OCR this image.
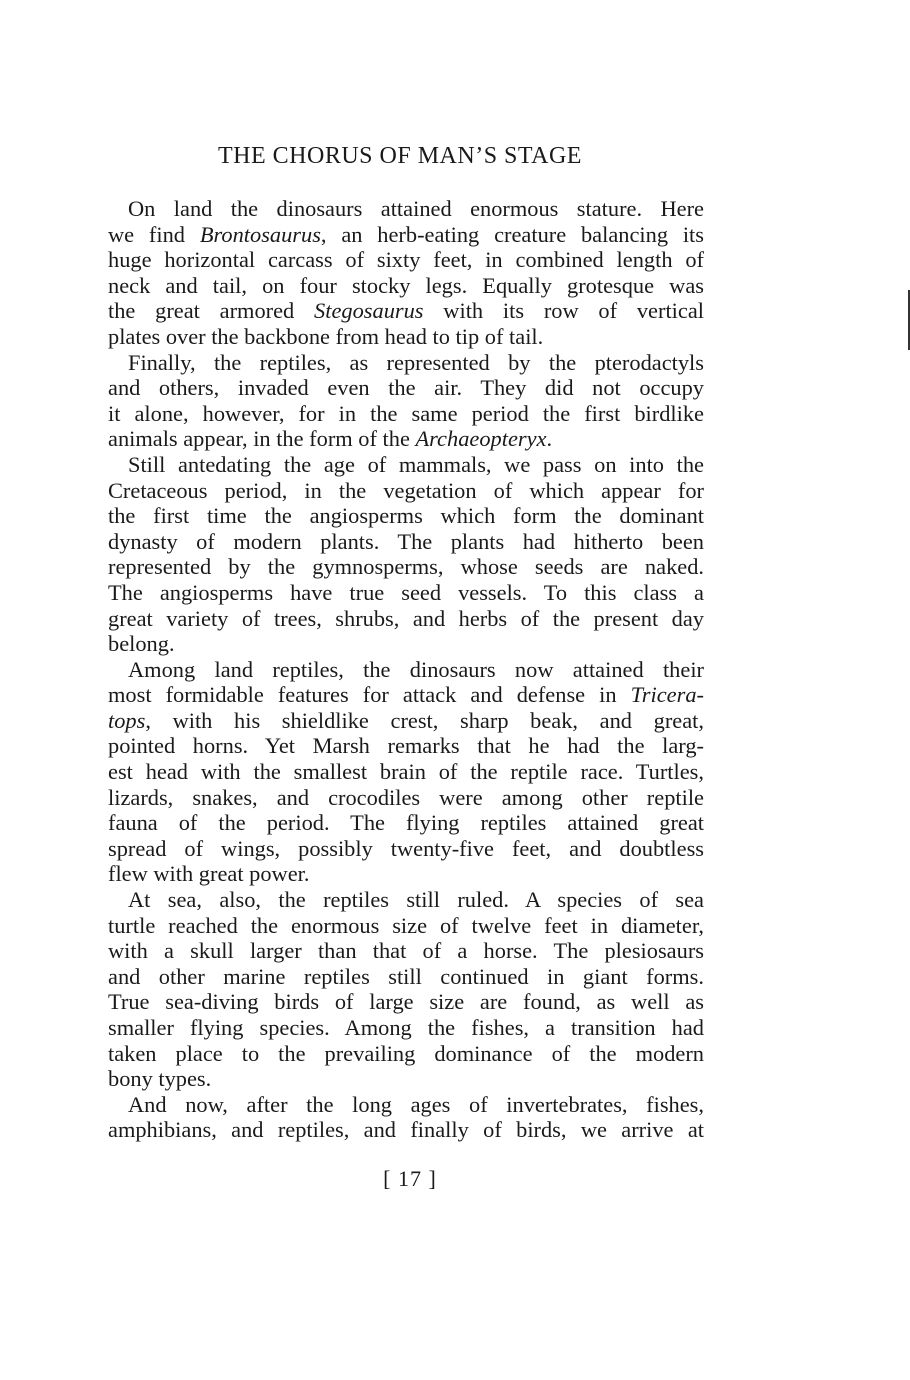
THE CHORUS OF MAN’S STAGE

On land the dinosaurs attained enormous stature. Here
we find Brontosaurus, an herb-eating creature balancing its
huge horizontal carcass of sixty feet, in combined length of
neck and tail, on four stocky legs. Equally grotesque was
the great armored Stegosaurus with its row of vertical
plates over the backbone from head to tip of tail.

Finally, the reptiles, as represented by the pterodactyls
and others, invaded even the air. They did not occupy
it alone, however, for in the same period the first birdlike
animals appear, in the form of the Archaeopteryx.

Still antedating the age of mammals, we pass on into the
Cretaceous period, in the vegetation of which appear for
the first time the angiosperms which form the dominant
dynasty of modern plants. The plants had hitherto been
represented by the gymnosperms, whose seeds are naked.
The angiosperms have true seed vessels. To this class a
great variety of trees, shrubs, and herbs of the present day
belong.

Among land reptiles, the dinosaurs now attained their
most formidable features for attack and defense in Tricera-
tops, with his shieldlike crest, sharp beak, and great,
pointed horns. Yet Marsh remarks that he had the larg-
est head with the smallest brain of the reptile race. Turtles,
lizards, snakes, and crocodiles were among other reptile
fauna of the period. The flying reptiles attained great
spread of wings, possibly twenty-five feet, and doubtless
flew with great power.

At sea, also, the reptiles still ruled. A species of sea
turtle reached the enormous size of twelve feet in diameter,
with a skull larger than that of a horse. The plesiosaurs
and other marine reptiles still continued in giant forms.
True sea-diving birds of large size are found, as well as
smaller flying species. Among the fishes, a transition had
taken place to the prevailing dominance of the modern
bony types.

And now, after the long ages of invertebrates, fishes,
amphibians, and reptiles, and finally of birds, we arrive at

[ 17 ]
